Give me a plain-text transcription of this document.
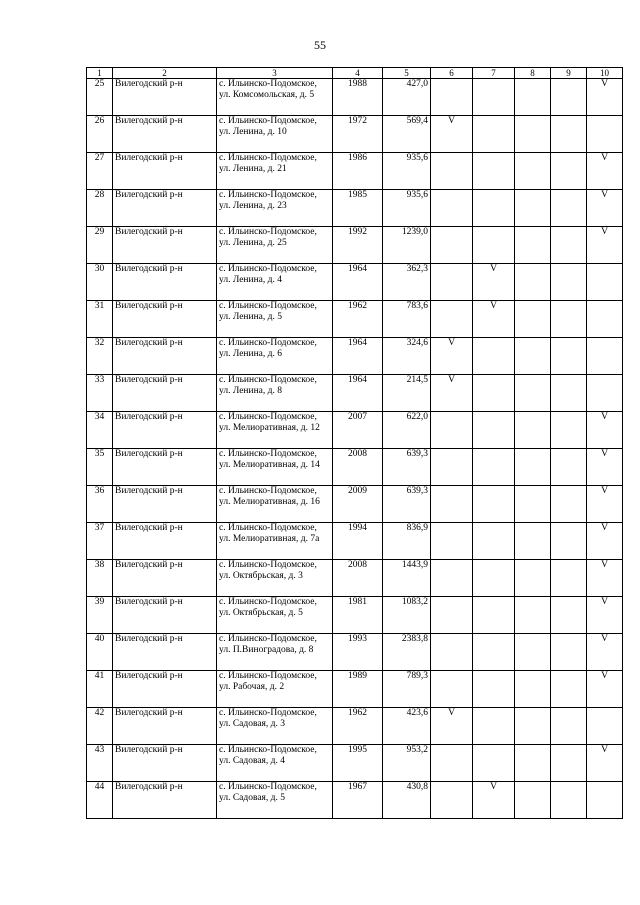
55
1	2	3	4	5	6	7	8	9	10
25	Вилегодский р-н	с. Ильинско-Подомское, ул. Комсомольская, д. 5	1988	427,0					V
26	Вилегодский р-н	с. Ильинско-Подомское, ул. Ленина, д. 10	1972	569,4	V				
27	Вилегодский р-н	с. Ильинско-Подомское, ул. Ленина, д. 21	1986	935,6					V
28	Вилегодский р-н	с. Ильинско-Подомское, ул. Ленина, д. 23	1985	935,6					V
29	Вилегодский р-н	с. Ильинско-Подомское, ул. Ленина, д. 25	1992	1239,0					V
30	Вилегодский р-н	с. Ильинско-Подомское, ул. Ленина, д. 4	1964	362,3		V			
31	Вилегодский р-н	с. Ильинско-Подомское, ул. Ленина, д. 5	1962	783,6		V			
32	Вилегодский р-н	с. Ильинско-Подомское, ул. Ленина, д. 6	1964	324,6	V				
33	Вилегодский р-н	с. Ильинско-Подомское, ул. Ленина, д. 8	1964	214,5	V				
34	Вилегодский р-н	с. Ильинско-Подомское, ул. Мелиоративная, д. 12	2007	622,0					V
35	Вилегодский р-н	с. Ильинско-Подомское, ул. Мелиоративная, д. 14	2008	639,3					V
36	Вилегодский р-н	с. Ильинско-Подомское, ул. Мелиоративная, д. 16	2009	639,3					V
37	Вилегодский р-н	с. Ильинско-Подомское, ул. Мелиоративная, д. 7а	1994	836,9					V
38	Вилегодский р-н	с. Ильинско-Подомское, ул. Октябрьская, д. 3	2008	1443,9					V
39	Вилегодский р-н	с. Ильинско-Подомское, ул. Октябрьская, д. 5	1981	1083,2					V
40	Вилегодский р-н	с. Ильинско-Подомское, ул. П.Виноградова, д. 8	1993	2383,8					V
41	Вилегодский р-н	с. Ильинско-Подомское, ул. Рабочая, д. 2	1989	789,3					V
42	Вилегодский р-н	с. Ильинско-Подомское, ул. Садовая, д. 3	1962	423,6	V				
43	Вилегодский р-н	с. Ильинско-Подомское, ул. Садовая, д. 4	1995	953,2					V
44	Вилегодский р-н	с. Ильинско-Подомское, ул. Садовая, д. 5	1967	430,8		V			
